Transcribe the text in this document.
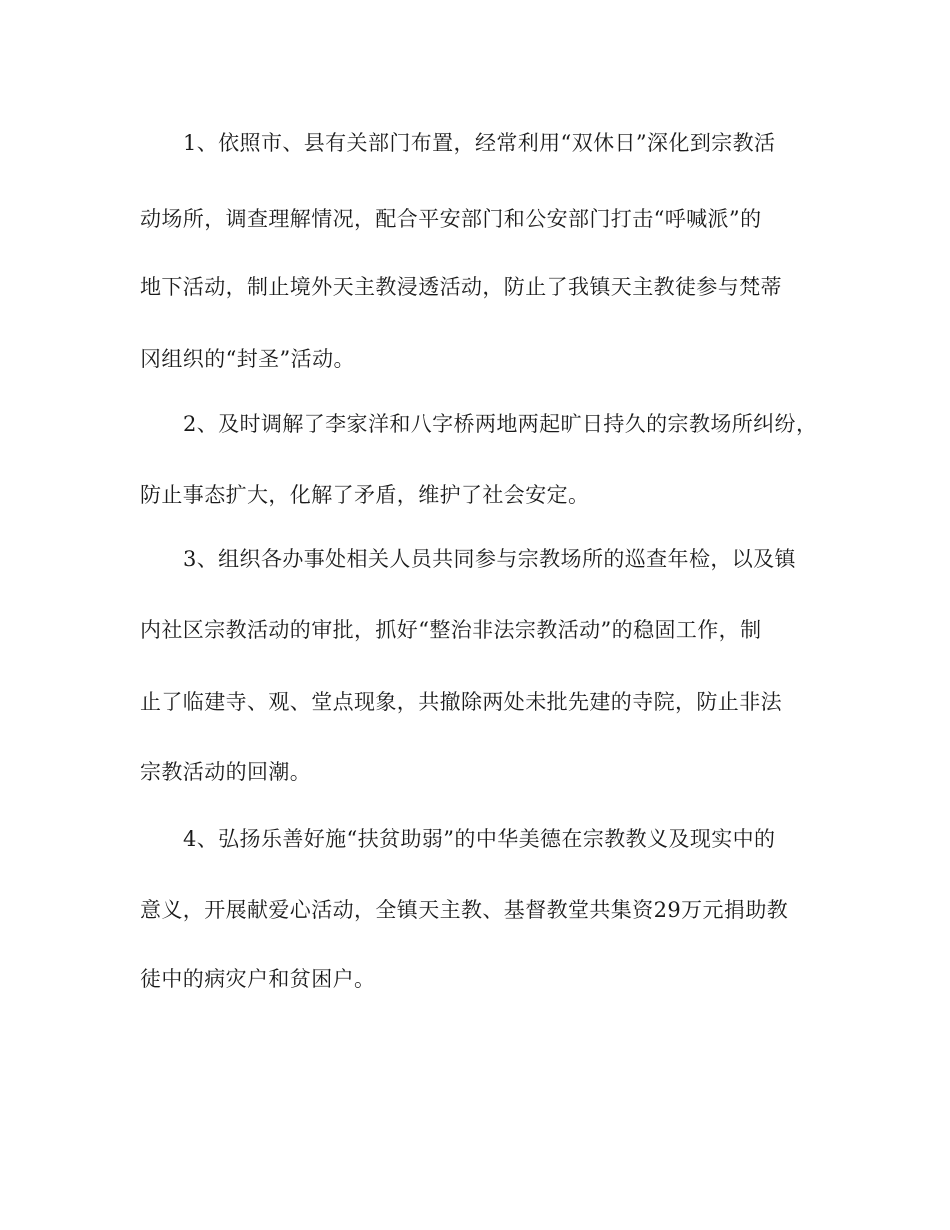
1、依照市、县有关部门布置，经常利用“双休日”深化到宗教活
动场所，调查理解情况，配合平安部门和公安部门打击“呼喊派”的
地下活动，制止境外天主教浸透活动，防止了我镇天主教徒参与梵蒂
冈组织的“封圣”活动。
2、及时调解了李家洋和八字桥两地两起旷日持久的宗教场所纠纷，
防止事态扩大，化解了矛盾，维护了社会安定。
3、组织各办事处相关人员共同参与宗教场所的巡查年检，以及镇
内社区宗教活动的审批，抓好“整治非法宗教活动”的稳固工作，制
止了临建寺、观、堂点现象，共撤除两处未批先建的寺院，防止非法
宗教活动的回潮。
4、弘扬乐善好施“扶贫助弱”的中华美德在宗教教义及现实中的
意义，开展献爱心活动，全镇天主教、基督教堂共集资29万元捐助教
徒中的病灾户和贫困户。
